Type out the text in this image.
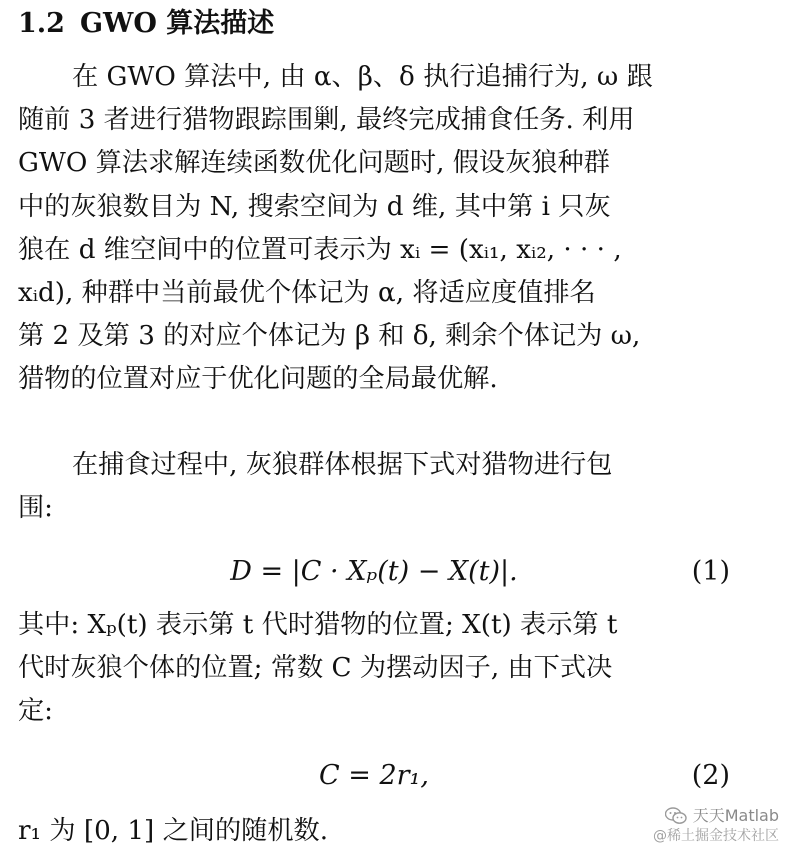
1.2 GWO 算法描述
在 GWO 算法中, 由 α、β、δ 执行追捕行为, ω 跟
随前 3 者进行猎物跟踪围剿, 最终完成捕食任务. 利用
GWO 算法求解连续函数优化问题时, 假设灰狼种群
中的灰狼数目为 N, 搜索空间为 d 维, 其中第 i 只灰
狼在 d 维空间中的位置可表示为 xᵢ = (xᵢ₁, xᵢ₂, · · · ,
xᵢd), 种群中当前最优个体记为 α, 将适应度值排名
第 2 及第 3 的对应个体记为 β 和 δ, 剩余个体记为 ω,
猎物的位置对应于优化问题的全局最优解.
在捕食过程中, 灰狼群体根据下式对猎物进行包
围:
D = |C · Xₚ(t) − X(t)|.	(1)
其中: Xₚ(t) 表示第 t 代时猎物的位置; X(t) 表示第 t
代时灰狼个体的位置; 常数 C 为摆动因子, 由下式决
定:
C = 2r₁,	(2)
r₁ 为 [0, 1] 之间的随机数.
天天Matlab
@稀土掘金技术社区
